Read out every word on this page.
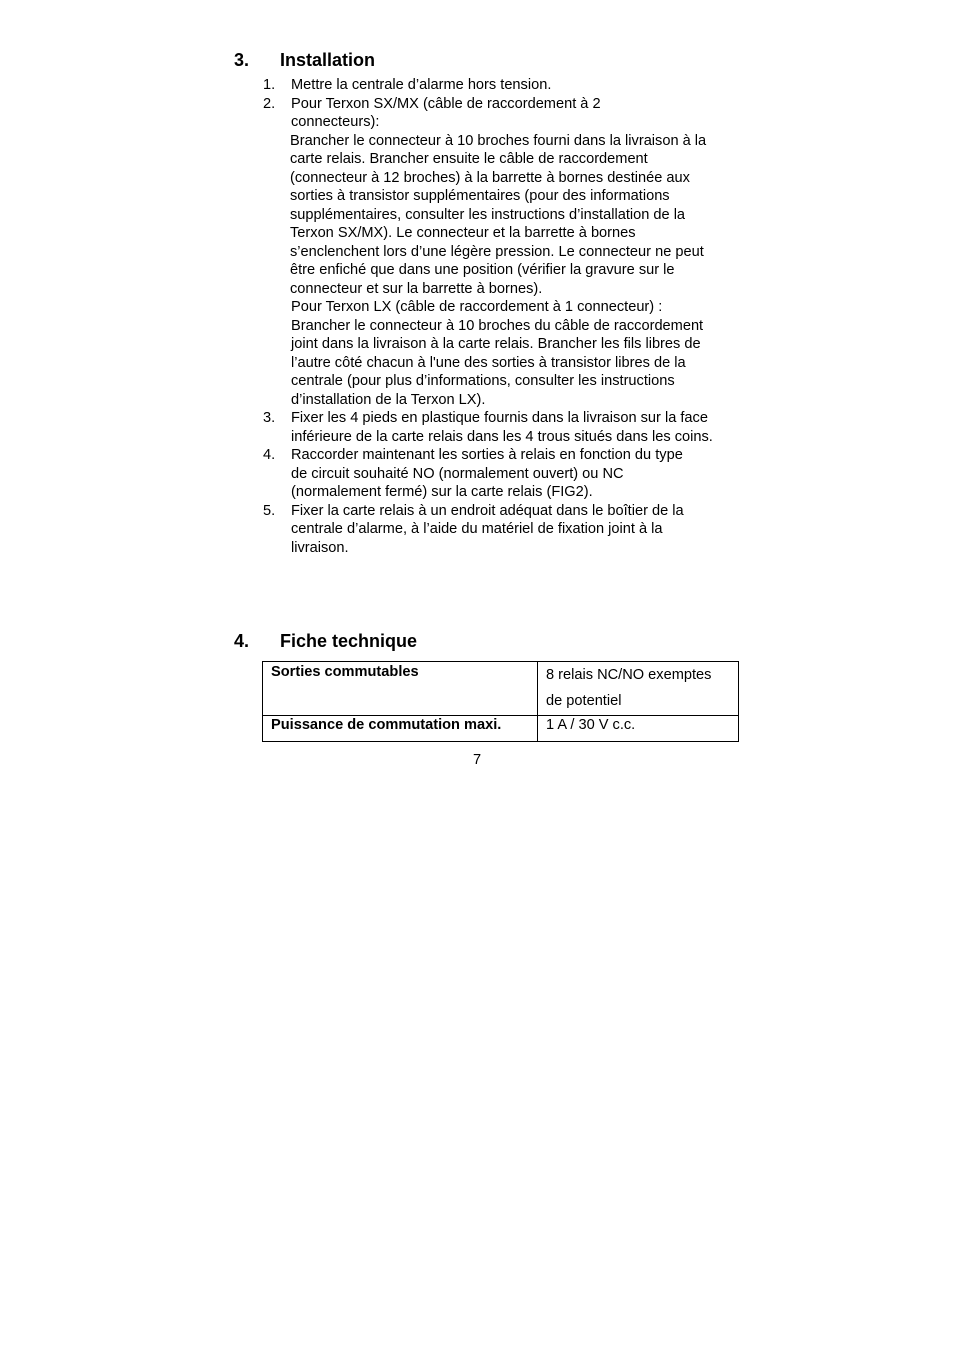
3. Installation
1. Mettre la centrale d’alarme hors tension.

2. Pour Terxon SX/MX (câble de raccordement à 2 connecteurs):

Brancher le connecteur à 10 broches fourni dans la livraison à la carte relais. Brancher ensuite le câble de raccordement (connecteur à 12 broches) à la barrette à bornes destinée aux sorties à transistor supplémentaires (pour des informations supplémentaires, consulter les instructions d’installation de la Terxon SX/MX). Le connecteur et la barrette à bornes s’enclenchent lors d’une légère pression. Le connecteur ne peut être enfiché que dans une position (vérifier la gravure sur le connecteur et sur la barrette à bornes).

Pour Terxon LX (câble de raccordement à 1 connecteur) : Brancher le connecteur à 10 broches du câble de raccordement joint dans la livraison à la carte relais. Brancher les fils libres de l’autre côté chacun à l'une des sorties à transistor libres de la centrale (pour plus d’informations, consulter les instructions d’installation de la Terxon LX).

3. Fixer les 4 pieds en plastique fournis dans la livraison sur la face inférieure de la carte relais dans les 4 trous situés dans les coins.

4. Raccorder maintenant les sorties à relais en fonction du type de circuit souhaité NO (normalement ouvert) ou NC (normalement fermé) sur la carte relais (FIG2).

5. Fixer la carte relais à un endroit adéquat dans le boîtier de la centrale d’alarme, à l’aide du matériel de fixation joint à la livraison.

4. Fiche technique
Sorties commutables	8 relais NC/NO exemptes de potentiel
Puissance de commutation maxi.	1 A / 30 V c.c.
7
